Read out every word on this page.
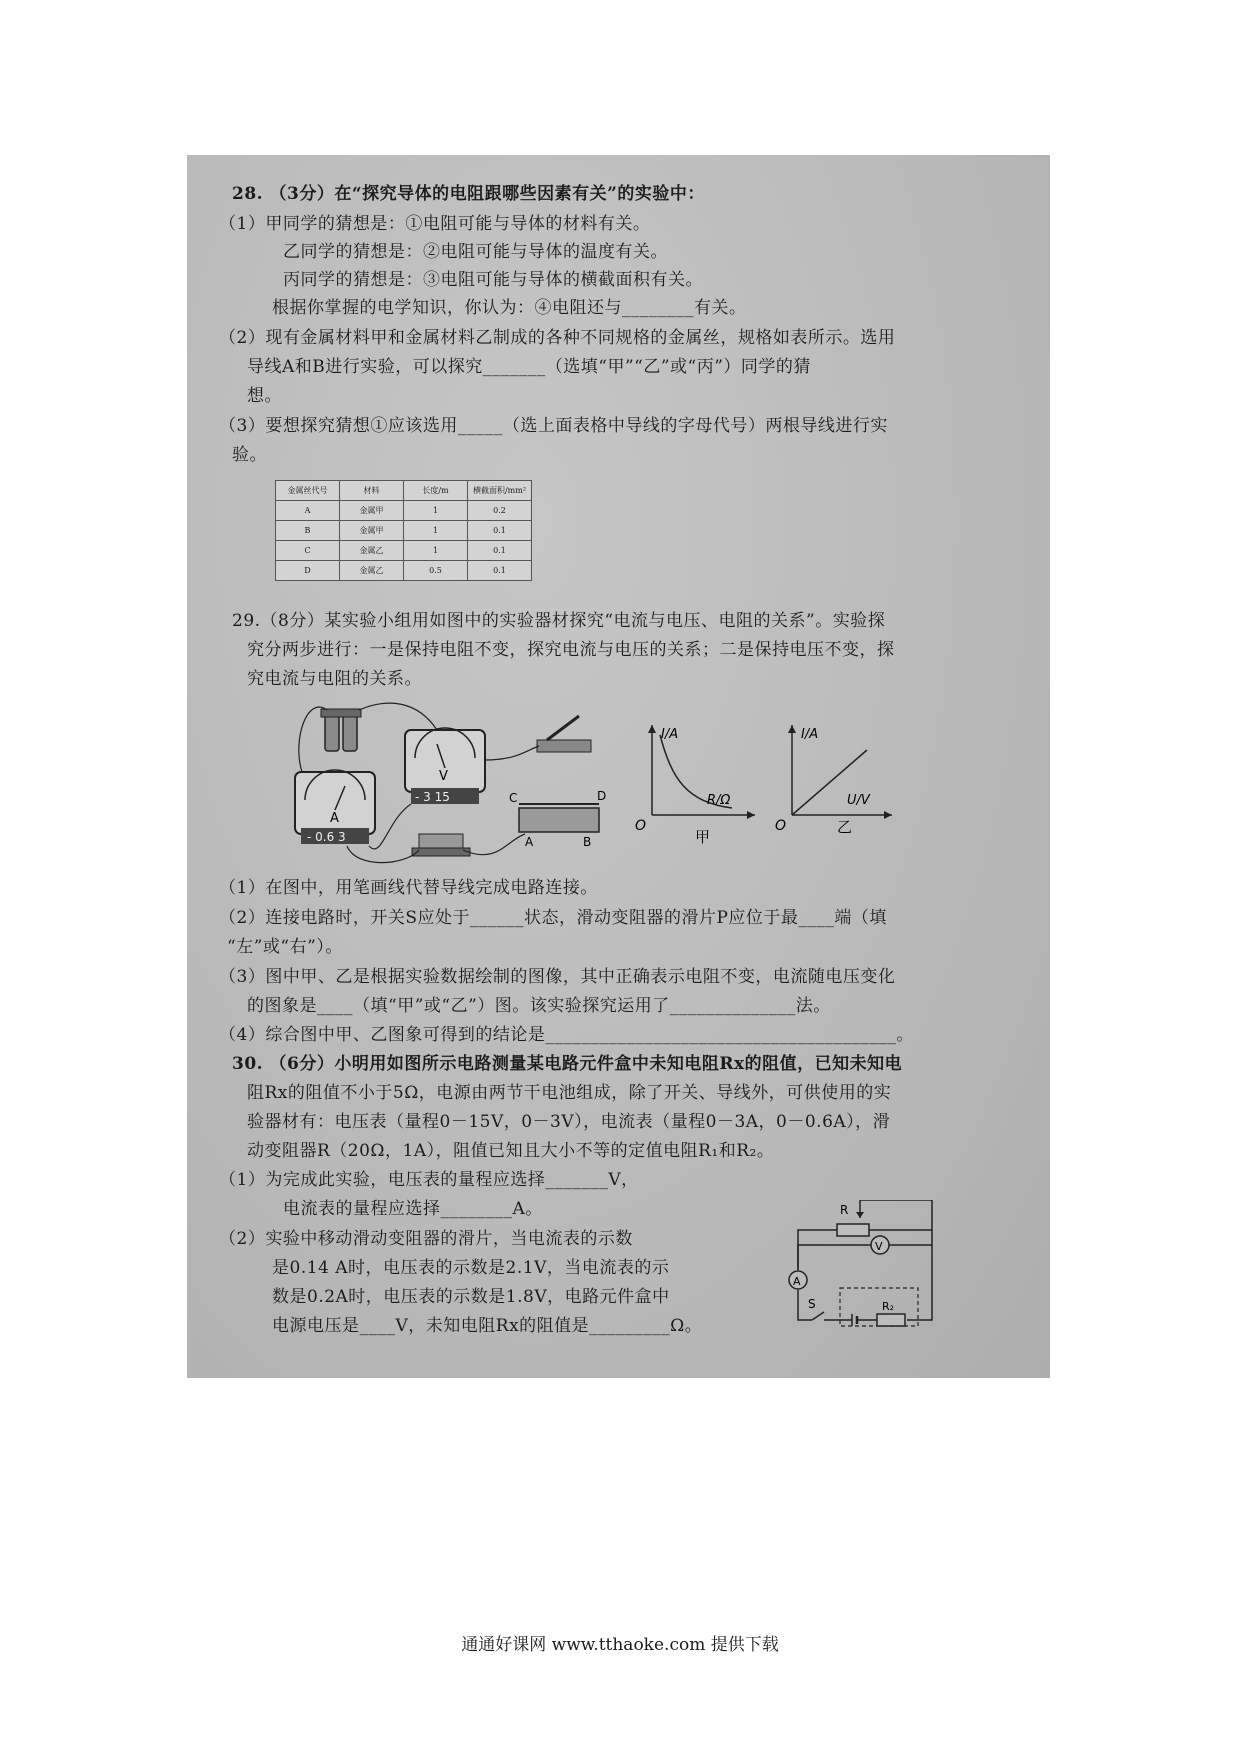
28. （3分）在“探究导体的电阻跟哪些因素有关”的实验中：
（1）甲同学的猜想是：①电阻可能与导体的材料有关。
乙同学的猜想是：②电阻可能与导体的温度有关。
丙同学的猜想是：③电阻可能与导体的横截面积有关。
根据你掌握的电学知识，你认为：④电阻还与________有关。
（2）现有金属材料甲和金属材料乙制成的各种不同规格的金属丝，规格如表所示。选用
导线A和B进行实验，可以探究_______（选填“甲”“乙”或“丙”）同学的猜
想。
（3）要想探究猜想①应该选用_____（选上面表格中导线的字母代号）两根导线进行实
验。
金属丝代号	材料	长度/m	横截面积/mm²
A	金属甲	1	0.2
B	金属甲	1	0.1
C	金属乙	1	0.1
D	金属乙	0.5	0.1
29.（8分）某实验小组用如图中的实验器材探究“电流与电压、电阻的关系”。实验探
究分两步进行：一是保持电阻不变，探究电流与电压的关系；二是保持电压不变，探
究电流与电阻的关系。
A
- 0.6 3
V
- 3 15	C	D
A	B
I/A
R/Ω
O
甲
I/A
U/V
O	乙
（1）在图中，用笔画线代替导线完成电路连接。
（2）连接电路时，开关S应处于______状态，滑动变阻器的滑片P应位于最____端（填
“左”或“右”）。
（3）图中甲、乙是根据实验数据绘制的图像，其中正确表示电阻不变，电流随电压变化
的图象是____（填“甲”或“乙”）图。该实验探究运用了______________法。
（4）综合图中甲、乙图象可得到的结论是_______________________________________。
30. （6分）小明用如图所示电路测量某电路元件盒中未知电阻Rx的阻值，已知未知电
阻Rx的阻值不小于5Ω，电源由两节干电池组成，除了开关、导线外，可供使用的实
验器材有：电压表（量程0－15V，0－3V），电流表（量程0－3A，0－0.6A），滑
动变阻器R（20Ω，1A），阻值已知且大小不等的定值电阻R₁和R₂。
（1）为完成此实验，电压表的量程应选择_______V，
电流表的量程应选择________A。
（2）实验中移动滑动变阻器的滑片，当电流表的示数
是0.14 A时，电压表的示数是2.1V，当电流表的示
数是0.2A时，电压表的示数是1.8V，电路元件盒中
电源电压是____V，未知电阻Rx的阻值是_________Ω。
R
V
A
S	R₂
通通好课网 www.tthaoke.com 提供下载
